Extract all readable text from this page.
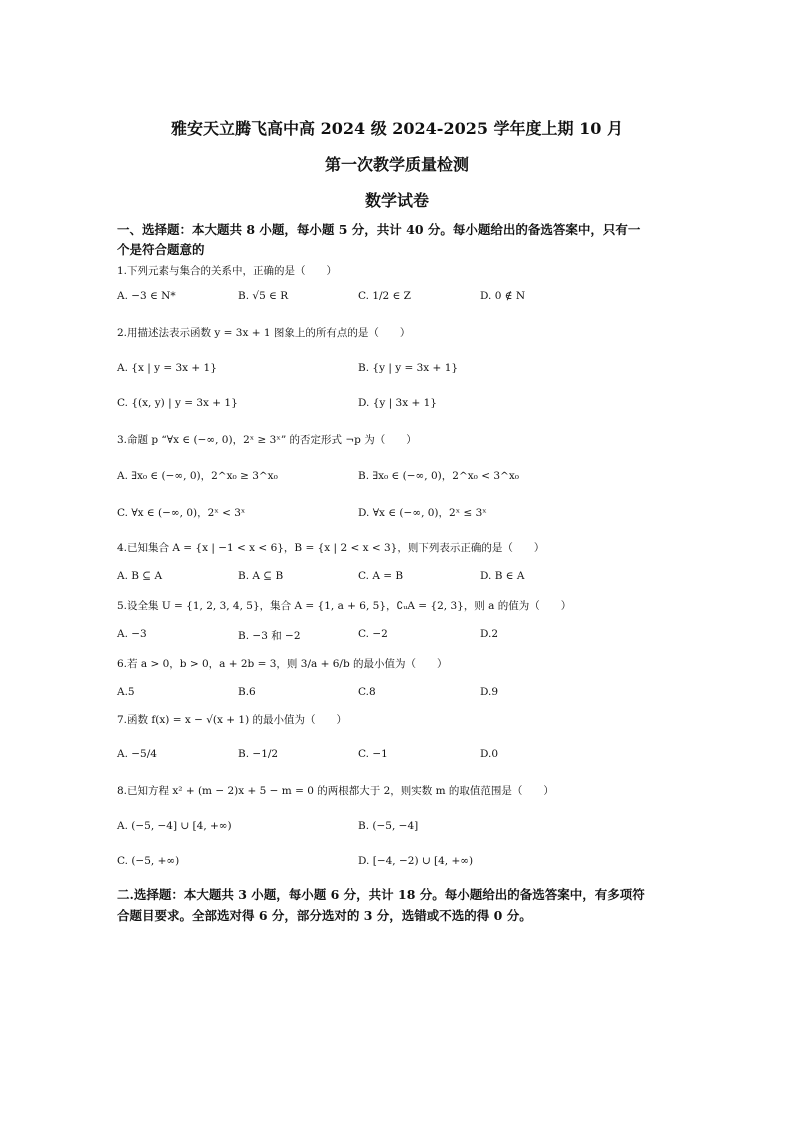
雅安天立腾飞高中高 2024 级 2024-2025 学年度上期 10 月
第一次教学质量检测
数学试卷
一、选择题：本大题共 8 小题，每小题 5 分，共计 40 分。每小题给出的备选答案中，只有一
个是符合题意的
1.下列元素与集合的关系中，正确的是（　　）
A. −3 ∈ N*	B. √5 ∈ R	C. 1/2 ∈ Z	D. 0 ∉ N
2.用描述法表示函数 y = 3x + 1 图象上的所有点的是（　　）
A. {x | y = 3x + 1}	B. {y | y = 3x + 1}
C. {(x, y) | y = 3x + 1}	D. {y | 3x + 1}
3.命题 p “∀x ∈ (−∞, 0)，2ˣ ≥ 3ˣ” 的否定形式 ¬p 为（　　）
A. ∃x₀ ∈ (−∞, 0)，2^x₀ ≥ 3^x₀	B. ∃x₀ ∈ (−∞, 0)，2^x₀ < 3^x₀
C. ∀x ∈ (−∞, 0)，2ˣ < 3ˣ	D. ∀x ∈ (−∞, 0)，2ˣ ≤ 3ˣ
4.已知集合 A = {x | −1 < x < 6}，B = {x | 2 < x < 3}，则下列表示正确的是（　　）
A. B ⊆ A	B. A ⊆ B	C. A = B	D. B ∈ A
5.设全集 U = {1, 2, 3, 4, 5}，集合 A = {1, a + 6, 5}，∁ᵤA = {2, 3}，则 a 的值为（　　）
A. −3	B. −3 和 −2	C. −2	D.2
6.若 a > 0，b > 0，a + 2b = 3，则 3/a + 6/b 的最小值为（　　）
A.5	B.6	C.8	D.9
7.函数 f(x) = x − √(x + 1) 的最小值为（　　）
A. −5/4	B. −1/2	C. −1	D.0
8.已知方程 x² + (m − 2)x + 5 − m = 0 的两根都大于 2，则实数 m 的取值范围是（　　）
A. (−5, −4] ∪ [4, +∞)	B. (−5, −4]
C. (−5, +∞)	D. [−4, −2) ∪ [4, +∞)
二.选择题：本大题共 3 小题，每小题 6 分，共计 18 分。每小题给出的备选答案中，有多项符
合题目要求。全部选对得 6 分，部分选对的 3 分，选错或不选的得 0 分。
